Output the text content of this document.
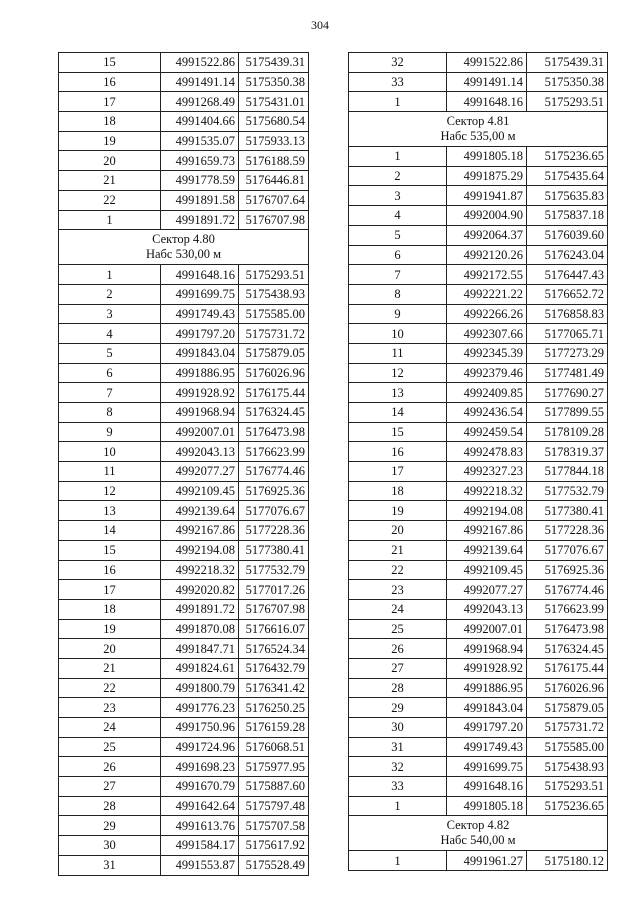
304
15	4991522.86	5175439.31
16	4991491.14	5175350.38
17	4991268.49	5175431.01
18	4991404.66	5175680.54
19	4991535.07	5175933.13
20	4991659.73	5176188.59
21	4991778.59	5176446.81
22	4991891.58	5176707.64
1	4991891.72	5176707.98

Сектор 4.80
Набс 530,00 м		

1	4991648.16	5175293.51
2	4991699.75	5175438.93
3	4991749.43	5175585.00
4	4991797.20	5175731.72
5	4991843.04	5175879.05
6	4991886.95	5176026.96
7	4991928.92	5176175.44
8	4991968.94	5176324.45
9	4992007.01	5176473.98
10	4992043.13	5176623.99
11	4992077.27	5176774.46
12	4992109.45	5176925.36
13	4992139.64	5177076.67
14	4992167.86	5177228.36
15	4992194.08	5177380.41
16	4992218.32	5177532.79
17	4992020.82	5177017.26
18	4991891.72	5176707.98
19	4991870.08	5176616.07
20	4991847.71	5176524.34
21	4991824.61	5176432.79
22	4991800.79	5176341.42
23	4991776.23	5176250.25
24	4991750.96	5176159.28
25	4991724.96	5176068.51
26	4991698.23	5175977.95
27	4991670.79	5175887.60
28	4991642.64	5175797.48
29	4991613.76	5175707.58
30	4991584.17	5175617.92
31	4991553.87	5175528.49
32	4991522.86	5175439.31
33	4991491.14	5175350.38
1	4991648.16	5175293.51

Сектор 4.81
Набс 535,00 м		

1	4991805.18	5175236.65
2	4991875.29	5175435.64
3	4991941.87	5175635.83
4	4992004.90	5175837.18
5	4992064.37	5176039.60
6	4992120.26	5176243.04
7	4992172.55	5176447.43
8	4992221.22	5176652.72
9	4992266.26	5176858.83
10	4992307.66	5177065.71
11	4992345.39	5177273.29
12	4992379.46	5177481.49
13	4992409.85	5177690.27
14	4992436.54	5177899.55
15	4992459.54	5178109.28
16	4992478.83	5178319.37
17	4992327.23	5177844.18
18	4992218.32	5177532.79
19	4992194.08	5177380.41
20	4992167.86	5177228.36
21	4992139.64	5177076.67
22	4992109.45	5176925.36
23	4992077.27	5176774.46
24	4992043.13	5176623.99
25	4992007.01	5176473.98
26	4991968.94	5176324.45
27	4991928.92	5176175.44
28	4991886.95	5176026.96
29	4991843.04	5175879.05
30	4991797.20	5175731.72
31	4991749.43	5175585.00
32	4991699.75	5175438.93
33	4991648.16	5175293.51
1	4991805.18	5175236.65

Сектор 4.82
Набс 540,00 м		

1	4991961.27	5175180.12
